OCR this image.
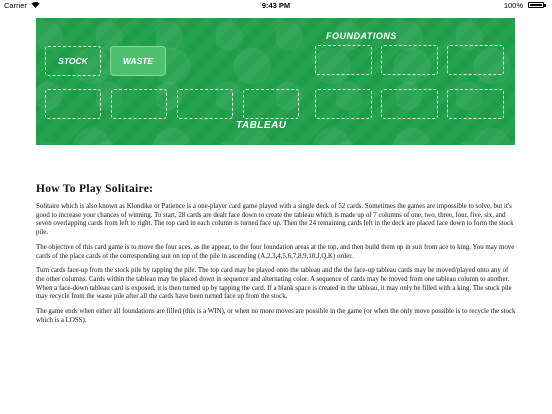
Carrier	9:43 PM	100%
STOCK	WASTE
FOUNDATIONS
TABLEAU
How To Play Solitaire:

Solitaire which is also known as Klondike or Patience is a one-player card game played with a single deck of 52 cards. Sometimes the games are impossible to solve, but it's good to increase your chances of winning. To start, 28 cards are dealt face down to create the tableau which is made up of 7 columns of one, two, three, four, five, six, and seven overlapping cards from left to right. The top card in each column is turned face up. Then the 24 remaining cards left in the deck are placed face down to form the stock pile.

The objective of this card game is to move the four aces, as the appear, to the four foundation areas at the top, and then build them up in suit from ace to king. You may move cards of the place cards of the corresponding suit on top of the pile in ascending (A,2,3,4,5,6,7,8,9,10,J,Q,K) order.

Turn cards face-up from the stock pile by tapping the pile. The top card may be played onto the tableau and the the face-up tableau cards may be moved/played onto any of the other columns. Cards within the tableau may be placed down in sequence and alternating color. A sequence of cards may be moved from one tableau column to another. When a face-down tableau card is exposed, it is then turned up by tapping the card. If a blank space is created in the tableau, it may only be filled with a king. The stock pile may recycle from the waste pile after all the cards have been turned face up from the stock.

The game ends when either all foundations are filled (this is a WIN), or when no more moves are possible in the game (or when the only move possible is to recycle the stock which is a LOSS).
